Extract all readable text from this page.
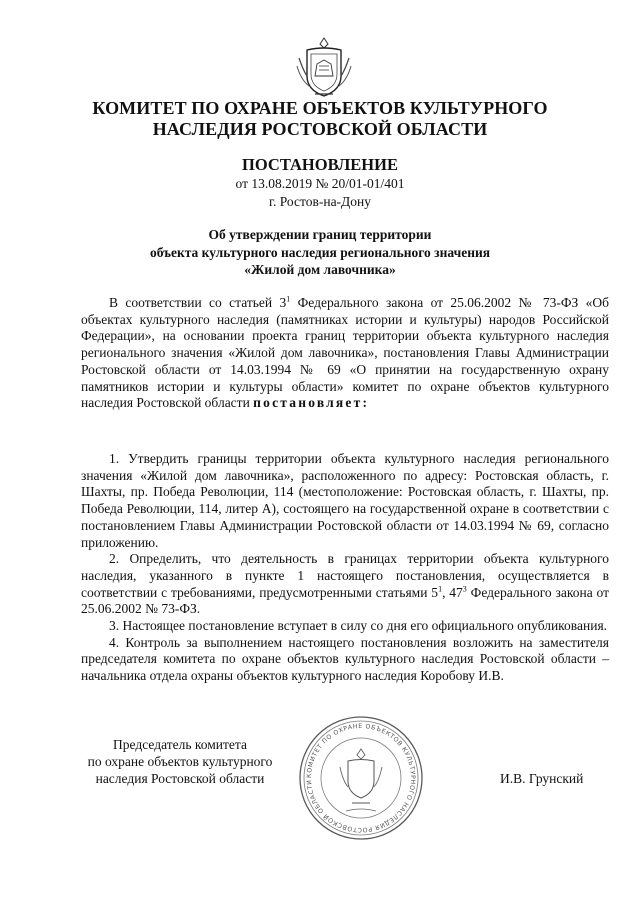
КОМИТЕТ ПО ОХРАНЕ ОБЪЕКТОВ КУЛЬТУРНОГО
НАСЛЕДИЯ РОСТОВСКОЙ ОБЛАСТИ
ПОСТАНОВЛЕНИЕ
от 13.08.2019 № 20/01-01/401
г. Ростов-на-Дону
Об утверждении границ территории
объекта культурного наследия регионального значения
«Жилой дом лавочника»

В соответствии со статьей $3^1$ Федерального закона от 25.06.2002 № 73-ФЗ «Об объектах культурного наследия (памятниках истории и культуры) народов Российской Федерации», на основании проекта границ территории объекта культурного наследия регионального значения «Жилой дом лавочника», постановления Главы Администрации Ростовской области от 14.03.1994 № 69 «О принятии на государственную охрану памятников истории и культуры области» комитет по охране объектов культурного наследия Ростовской области постановляет:

1. Утвердить границы территории объекта культурного наследия регионального значения «Жилой дом лавочника», расположенного по адресу: Ростовская область, г. Шахты, пр. Победа Революции, 114 (местоположение: Ростовская область, г. Шахты, пр. Победа Революции, 114, литер А), состоящего на государственной охране в соответствии с постановлением Главы Администрации Ростовской области от 14.03.1994 № 69, согласно приложению.

2. Определить, что деятельность в границах территории объекта культурного наследия, указанного в пункте 1 настоящего постановления, осуществляется в соответствии с требованиями, предусмотренными статьями $5^1$, $47^3$ Федерального закона от 25.06.2002 № 73-ФЗ.

3. Настоящее постановление вступает в силу со дня его официального опубликования.

4. Контроль за выполнением настоящего постановления возложить на заместителя председателя комитета по охране объектов культурного наследия Ростовской области – начальника отдела охраны объектов культурного наследия Коробову И.В.

КОМИТЕТ ПО ОХРАНЕ ОБЪЕКТОВ КУЛЬТУРНОГО НАСЛЕДИЯ РОСТОВСКОЙ ОБЛАСТИ
Председатель комитета
по охране объектов культурного
наследия Ростовской области	И.В. Грунский
